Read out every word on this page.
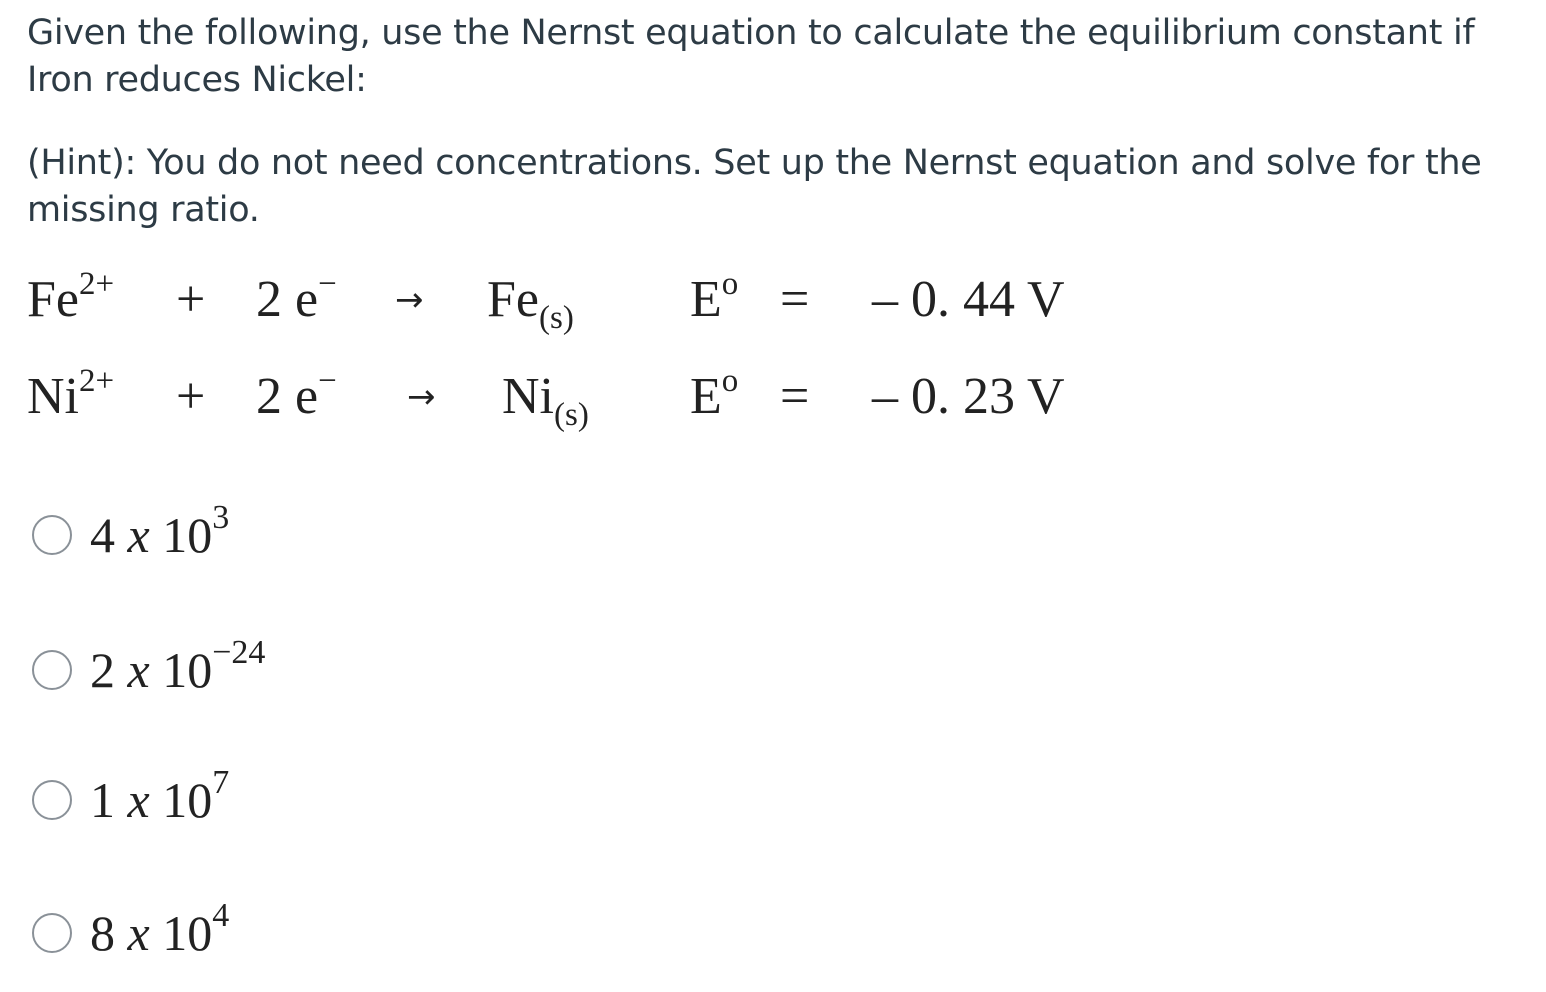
Given the following, use the Nernst equation to calculate the equilibrium constant if Iron reduces Nickel:

(Hint): You do not need concentrations. Set up the Nernst equation and solve for the missing ratio.

$Fe^{2+} + 2$ $e^- \to Fe_{(s)}$ $E^o$ = – 0. 44 V
$Ni^{2+} + 2$ $e^- \to Ni_{(s)}$ $E^o$ = – 0. 23 V
4 x $10^3$
2 x $10^{-24}$
1 x $10^7$
8 x $10^4$
